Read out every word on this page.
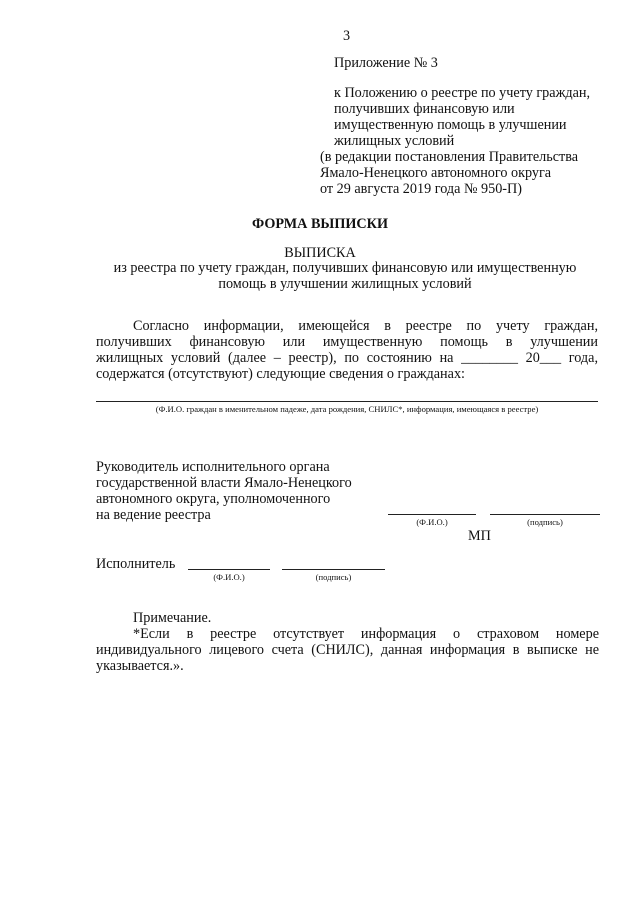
3
Приложение № 3
к Положению о реестре по учету граждан,
получивших финансовую или
имущественную помощь в улучшении
жилищных условий
(в редакции постановления Правительства
Ямало-Ненецкого автономного округа
от 29 августа 2019 года № 950-П)
ФОРМА ВЫПИСКИ
ВЫПИСКА
из реестра по учету граждан, получивших финансовую или имущественную
помощь в улучшении жилищных условий
Согласно информации, имеющейся в реестре по учету граждан,
получивших финансовую или имущественную помощь в улучшении
жилищных условий (далее – реестр), по состоянию на ________ 20___ года,
содержатся (отсутствуют) следующие сведения о гражданах:
(Ф.И.О. граждан в именительном падеже, дата рождения, СНИЛС*, информация, имеющаяся в реестре)
Руководитель исполнительного органа
государственной власти Ямало-Ненецкого
автономного округа, уполномоченного
на ведение реестра	(Ф.И.О.)	(подпись)
МП
Исполнитель
(Ф.И.О.)	(подпись)
Примечание.
*Если в реестре отсутствует информация о страховом номере
индивидуального лицевого счета (СНИЛС), данная информация в выписке не
указывается.».
